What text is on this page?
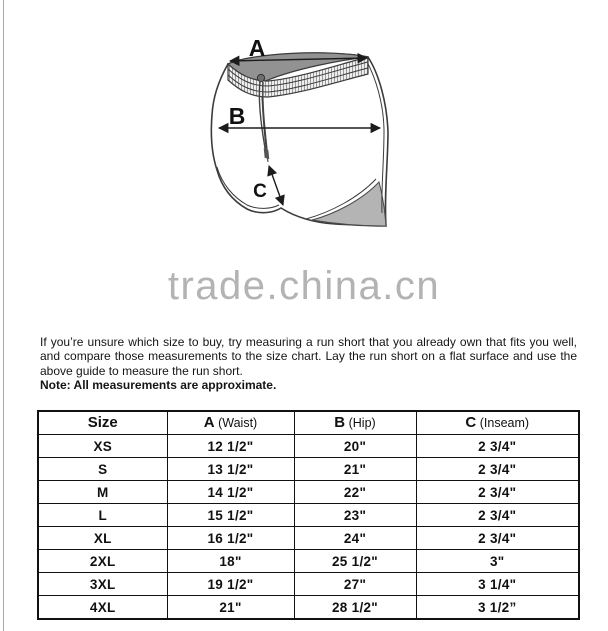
A
B
C
trade.china.cn
If you’re unsure which size to buy, try measuring a run short that you already own that fits you well, and compare those measurements to the size chart. Lay the run short on a flat surface and use the above guide to measure the run short.
Note: All measurements are approximate.
Size	A (Waist)	B (Hip)	C (Inseam)
XS	12 1/2"	20"	2 3/4"
S	13 1/2"	21"	2 3/4"
M	14 1/2"	22"	2 3/4"
L	15 1/2"	23"	2 3/4"
XL	16 1/2"	24"	2 3/4"
2XL	18"	25 1/2"	3"
3XL	19 1/2"	27"	3 1/4"
4XL	21"	28 1/2"	3 1/2”
